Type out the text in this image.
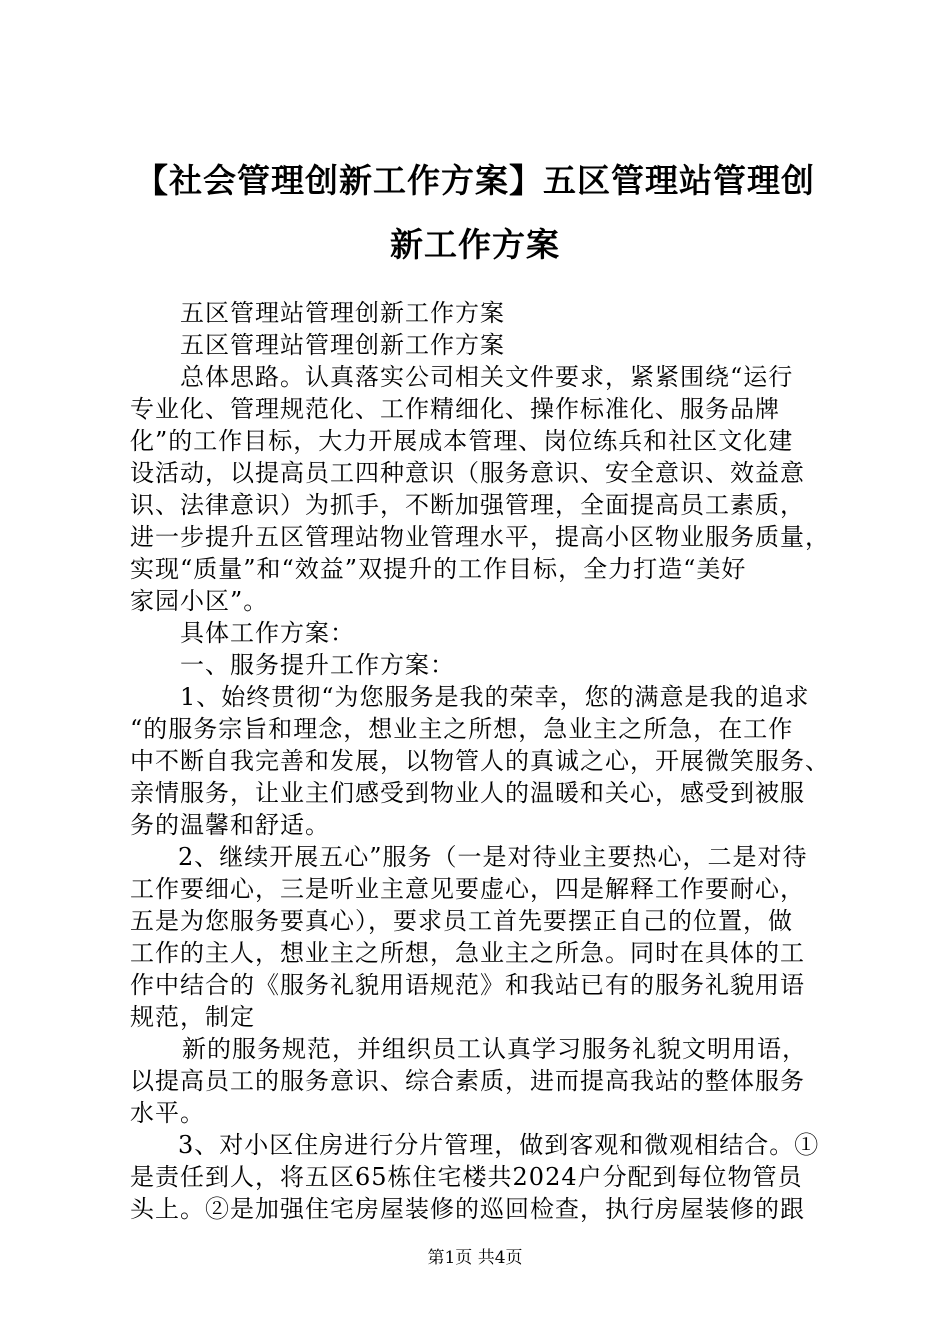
【社会管理创新工作方案】五区管理站管理创
新工作方案
五区管理站管理创新工作方案
五区管理站管理创新工作方案
总体思路。认真落实公司相关文件要求，紧紧围绕“运行
专业化、管理规范化、工作精细化、操作标准化、服务品牌
化”的工作目标，大力开展成本管理、岗位练兵和社区文化建
设活动，以提高员工四种意识（服务意识、安全意识、效益意
识、法律意识）为抓手，不断加强管理，全面提高员工素质，
进一步提升五区管理站物业管理水平，提高小区物业服务质量，
实现“质量”和“效益”双提升的工作目标，全力打造“美好
家园小区”。
具体工作方案：
一、服务提升工作方案：
1、始终贯彻“为您服务是我的荣幸，您的满意是我的追求
“的服务宗旨和理念，想业主之所想，急业主之所急，在工作
中不断自我完善和发展，以物管人的真诚之心，开展微笑服务、
亲情服务，让业主们感受到物业人的温暖和关心，感受到被服
务的温馨和舒适。
2、继续开展五心”服务（一是对待业主要热心，二是对待
工作要细心，三是听业主意见要虚心，四是解释工作要耐心，
五是为您服务要真心），要求员工首先要摆正自己的位置，做
工作的主人，想业主之所想，急业主之所急。同时在具体的工
作中结合的《服务礼貌用语规范》和我站已有的服务礼貌用语
规范，制定
新的服务规范，并组织员工认真学习服务礼貌文明用语，
以提高员工的服务意识、综合素质，进而提高我站的整体服务
水平。
3、对小区住房进行分片管理，做到客观和微观相结合。①
是责任到人，将五区65栋住宅楼共2024户分配到每位物管员
头上。②是加强住宅房屋装修的巡回检查，执行房屋装修的跟
第1页 共4页
